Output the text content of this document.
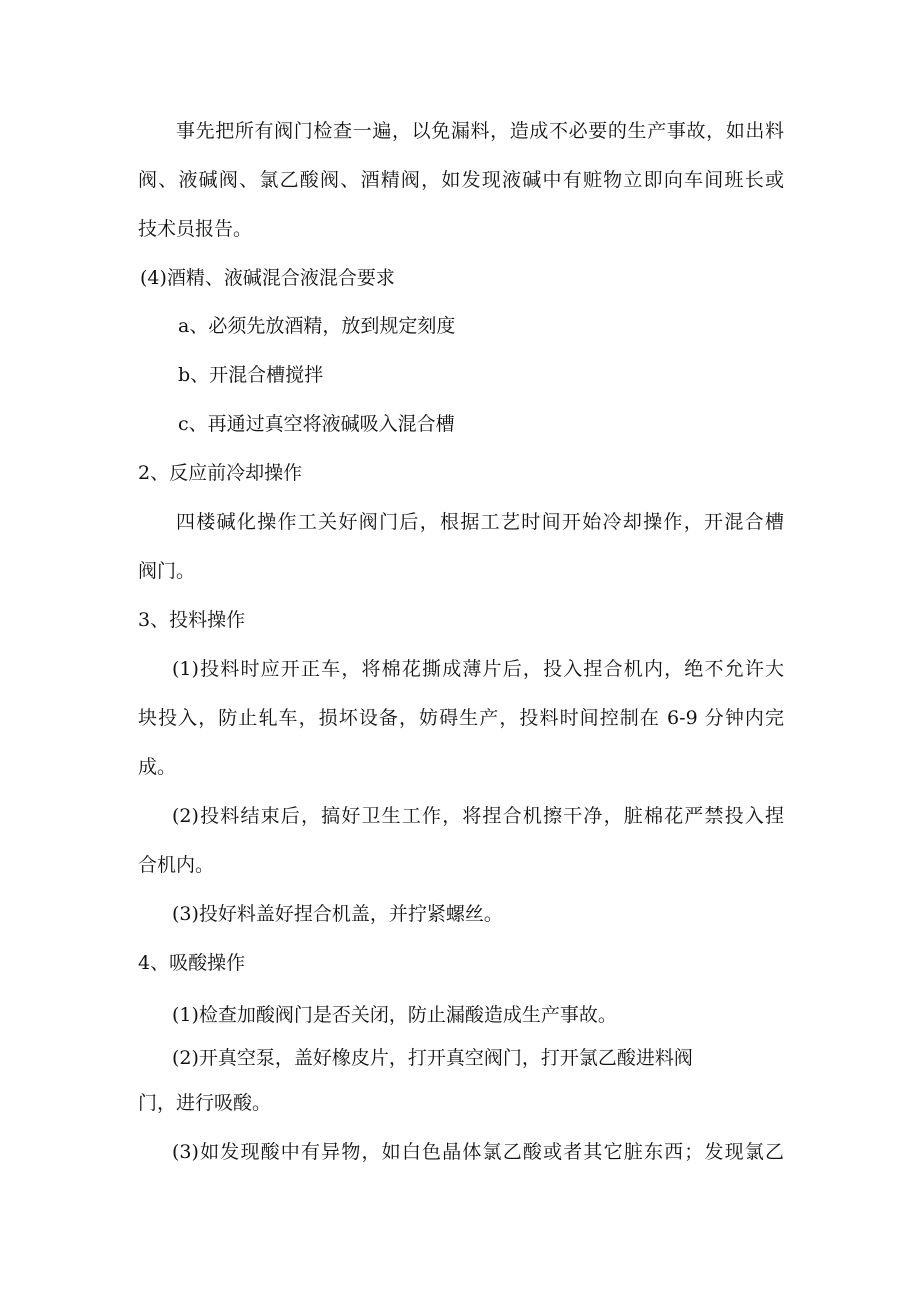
事先把所有阀门检查一遍，以免漏料，造成不必要的生产事故，如出料

阀、液碱阀、氯乙酸阀、酒精阀，如发现液碱中有赃物立即向车间班长或

技术员报告。

(4)酒精、液碱混合液混合要求

a、必须先放酒精，放到规定刻度

b、开混合槽搅拌

c、再通过真空将液碱吸入混合槽

2、反应前冷却操作

四楼碱化操作工关好阀门后，根据工艺时间开始冷却操作，开混合槽

阀门。

3、投料操作

(1)投料时应开正车，将棉花撕成薄片后，投入捏合机内，绝不允许大

块投入，防止轧车，损坏设备，妨碍生产，投料时间控制在 6-9 分钟内完

成。

(2)投料结束后，搞好卫生工作，将捏合机擦干净，脏棉花严禁投入捏

合机内。

(3)投好料盖好捏合机盖，并拧紧螺丝。

4、吸酸操作

(1)检查加酸阀门是否关闭，防止漏酸造成生产事故。

(2)开真空泵，盖好橡皮片，打开真空阀门，打开氯乙酸进料阀

门，进行吸酸。

(3)如发现酸中有异物，如白色晶体氯乙酸或者其它脏东西；发现氯乙
